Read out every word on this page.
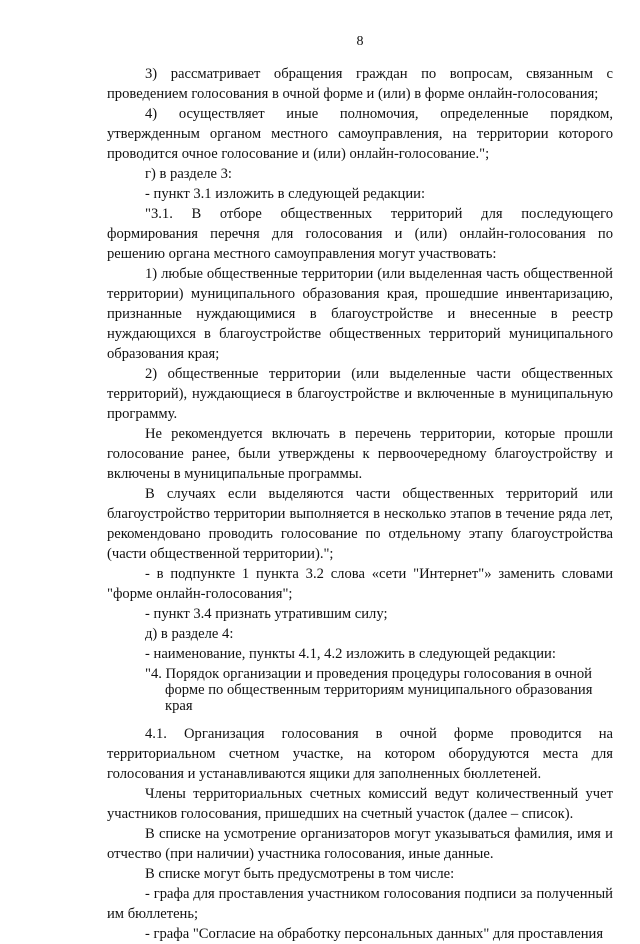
8

3) рассматривает обращения граждан по вопросам, связанным с проведением голосования в очной форме и (или) в форме онлайн-голосования;

4) осуществляет иные полномочия, определенные порядком, утвержденным органом местного самоуправления, на территории которого проводится очное голосование и (или) онлайн-голосование.";

г) в разделе 3:

- пункт 3.1 изложить в следующей редакции:

"3.1. В отборе общественных территорий для последующего формирования перечня для голосования и (или) онлайн-голосования по решению органа местного самоуправления могут участвовать:

1) любые общественные территории (или выделенная часть общественной территории) муниципального образования края, прошедшие инвентаризацию, признанные нуждающимися в благоустройстве и внесенные в реестр нуждающихся в благоустройстве общественных территорий муниципального образования края;

2) общественные территории (или выделенные части общественных территорий), нуждающиеся в благоустройстве и включенные в муниципальную программу.

Не рекомендуется включать в перечень территории, которые прошли голосование ранее, были утверждены к первоочередному благоустройству и включены в муниципальные программы.

В случаях если выделяются части общественных территорий или благоустройство территории выполняется в несколько этапов в течение ряда лет, рекомендовано проводить голосование по отдельному этапу благоустройства (части общественной территории).";

- в подпункте 1 пункта 3.2 слова «сети "Интернет"» заменить словами "форме онлайн-голосования";

- пункт 3.4 признать утратившим силу;

д) в разделе 4:

- наименование, пункты 4.1, 4.2 изложить в следующей редакции:

"4. Порядок организации и проведения процедуры голосования в очной
форме по общественным территориям муниципального образования
края

4.1. Организация голосования в очной форме проводится на территориальном счетном участке, на котором оборудуются места для голосования и устанавливаются ящики для заполненных бюллетеней.

Члены территориальных счетных комиссий ведут количественный учет участников голосования, пришедших на счетный участок (далее – список).

В списке на усмотрение организаторов могут указываться фамилия, имя и отчество (при наличии) участника голосования, иные данные.

В списке могут быть предусмотрены в том числе:

- графа для проставления участником голосования подписи за полученный им бюллетень;

- графа "Согласие на обработку персональных данных" для проставления
